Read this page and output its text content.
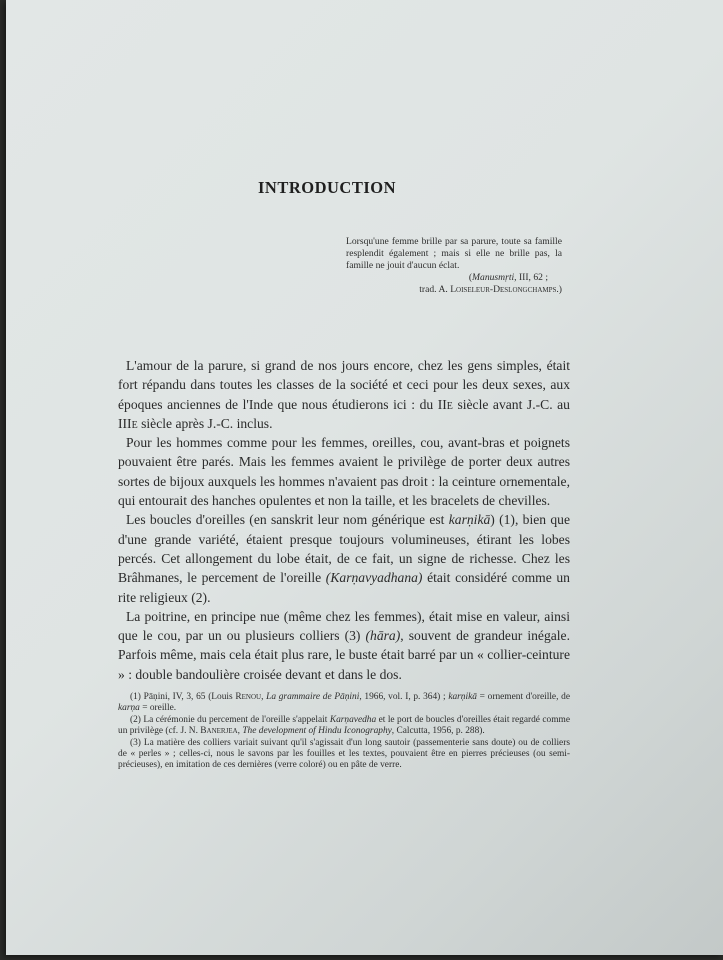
INTRODUCTION
Lorsqu'une femme brille par sa parure, toute sa famille resplendit également ; mais si elle ne brille pas, la famille ne jouit d'aucun éclat.
(Manusmṛti, III, 62 ;
trad. A. Loiseleur-Deslongchamps.)

L'amour de la parure, si grand de nos jours encore, chez les gens simples, était fort répandu dans toutes les classes de la société et ceci pour les deux sexes, aux époques anciennes de l'Inde que nous étudierons ici : du IIe siècle avant J.-C. au IIIe siècle après J.-C. inclus.

Pour les hommes comme pour les femmes, oreilles, cou, avant-bras et poignets pouvaient être parés. Mais les femmes avaient le privilège de porter deux autres sortes de bijoux auxquels les hommes n'avaient pas droit : la ceinture ornementale, qui entourait des hanches opulentes et non la taille, et les bracelets de chevilles.

Les boucles d'oreilles (en sanskrit leur nom générique est karṇikā) (1), bien que d'une grande variété, étaient presque toujours volumineuses, étirant les lobes percés. Cet allongement du lobe était, de ce fait, un signe de richesse. Chez les Brâhmanes, le percement de l'oreille (Karṇavyadhana) était considéré comme un rite religieux (2).

La poitrine, en principe nue (même chez les femmes), était mise en valeur, ainsi que le cou, par un ou plusieurs colliers (3) (hāra), souvent de grandeur inégale. Parfois même, mais cela était plus rare, le buste était barré par un « collier-ceinture » : double bandoulière croisée devant et dans le dos.

(1) Pāṇini, IV, 3, 65 (Louis Renou, La grammaire de Pāṇini, 1966, vol. I, p. 364) ; karṇikā = ornement d'oreille, de karṇa = oreille.

(2) La cérémonie du percement de l'oreille s'appelait Karṇavedha et le port de boucles d'oreilles était regardé comme un privilège (cf. J. N. Banerjea, The development of Hindu Iconography, Calcutta, 1956, p. 288).

(3) La matière des colliers variait suivant qu'il s'agissait d'un long sautoir (passementerie sans doute) ou de colliers de « perles » ; celles-ci, nous le savons par les fouilles et les textes, pouvaient être en pierres précieuses (ou semi-précieuses), en imitation de ces dernières (verre coloré) ou en pâte de verre.
